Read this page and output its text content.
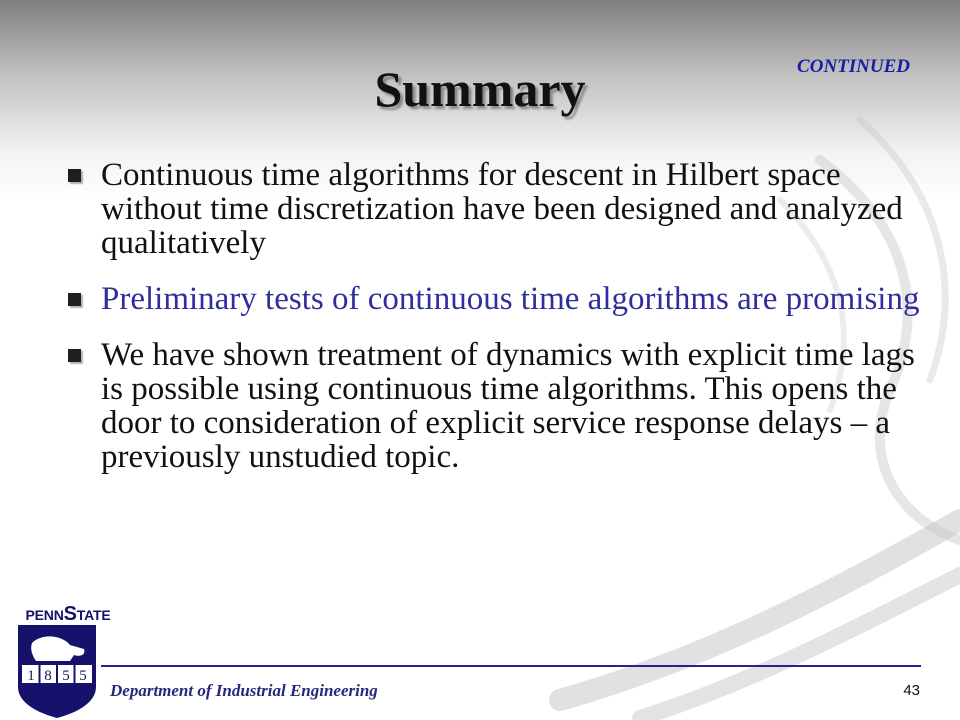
Summary	CONTINUED
Continuous time algorithms for descent in Hilbert space without time discretization have been designed and analyzed qualitatively
Preliminary tests of continuous time algorithms are promising
We have shown treatment of dynamics with explicit time lags is possible using continuous time algorithms. This opens the door to consideration of explicit service response delays – a previously unstudied topic.
PENNSTATE
1 8 5 5
Department of Industrial Engineering	43
